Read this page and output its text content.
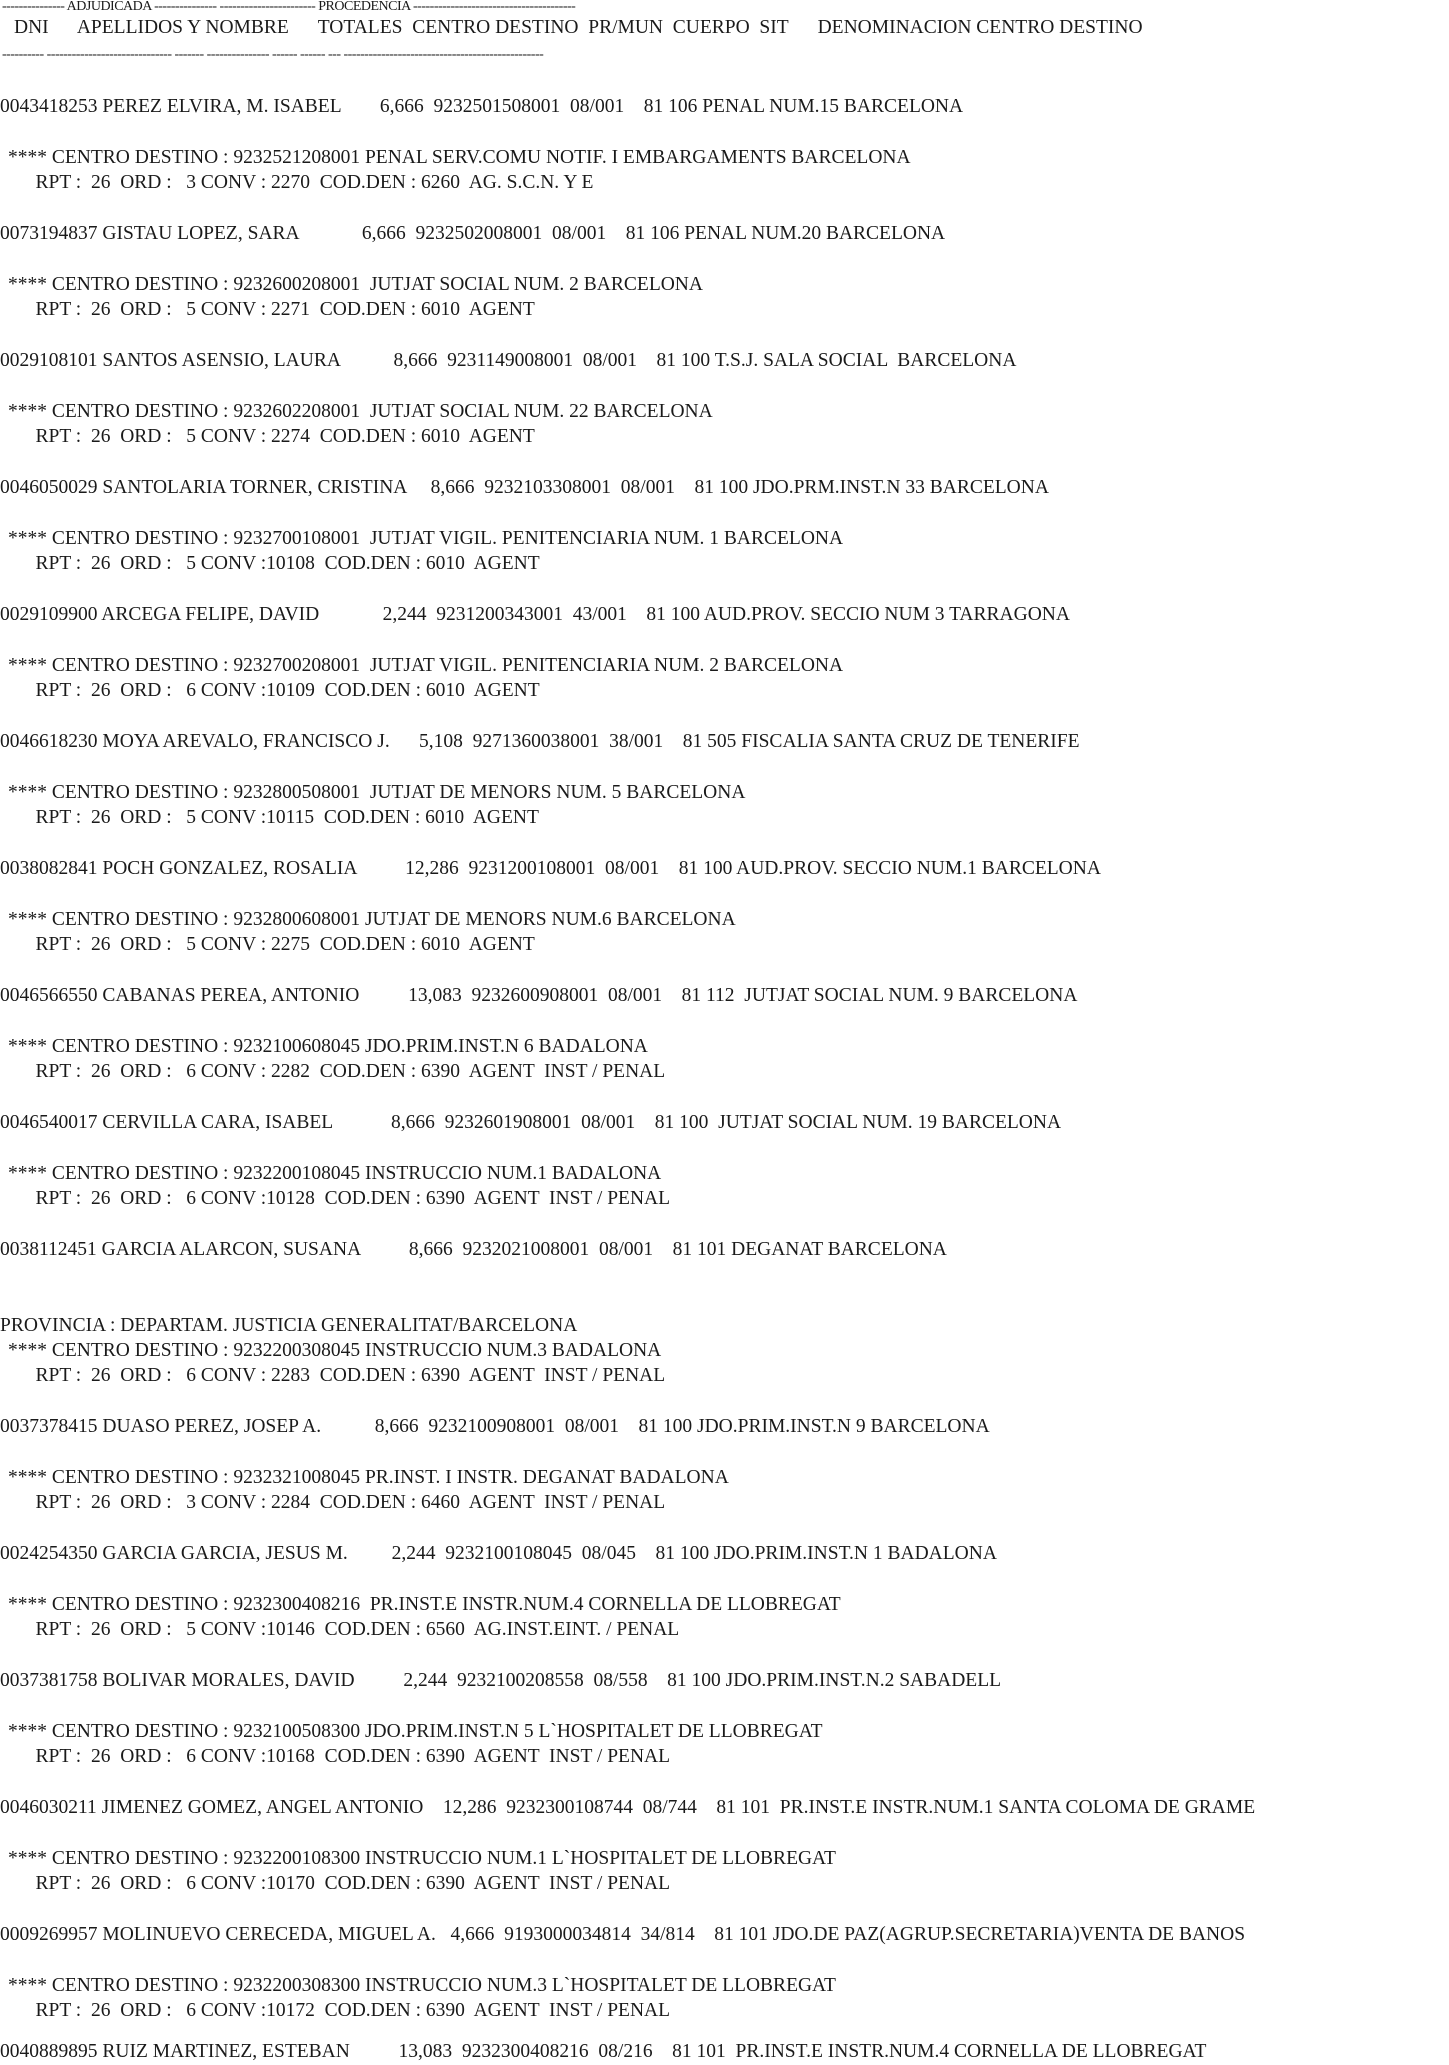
--------------- ADJUDICADA --------------- ----------------------- PROCEDENCIA ---------------------------------------
DNI      APELLIDOS Y NOMBRE      TOTALES  CENTRO DESTINO  PR/MUN  CUERPO  SIT      DENOMINACION CENTRO DESTINO
---------- ------------------------------ ------- --------------- ------ ------ --- ------------------------------------------------
0043418253 PEREZ ELVIRA, M. ISABEL        6,666  9232501508001  08/001    81 106 PENAL NUM.15 BARCELONA
**** CENTRO DESTINO : 9232521208001 PENAL SERV.COMU NOTIF. I EMBARGAMENTS BARCELONA
RPT :  26  ORD :   3 CONV : 2270  COD.DEN : 6260  AG. S.C.N. Y E
0073194837 GISTAU LOPEZ, SARA             6,666  9232502008001  08/001    81 106 PENAL NUM.20 BARCELONA
**** CENTRO DESTINO : 9232600208001  JUTJAT SOCIAL NUM. 2 BARCELONA
RPT :  26  ORD :   5 CONV : 2271  COD.DEN : 6010  AGENT
0029108101 SANTOS ASENSIO, LAURA           8,666  9231149008001  08/001    81 100 T.S.J. SALA SOCIAL  BARCELONA
**** CENTRO DESTINO : 9232602208001  JUTJAT SOCIAL NUM. 22 BARCELONA
RPT :  26  ORD :   5 CONV : 2274  COD.DEN : 6010  AGENT
0046050029 SANTOLARIA TORNER, CRISTINA     8,666  9232103308001  08/001    81 100 JDO.PRM.INST.N 33 BARCELONA
**** CENTRO DESTINO : 9232700108001  JUTJAT VIGIL. PENITENCIARIA NUM. 1 BARCELONA
RPT :  26  ORD :   5 CONV :10108  COD.DEN : 6010  AGENT
0029109900 ARCEGA FELIPE, DAVID             2,244  9231200343001  43/001    81 100 AUD.PROV. SECCIO NUM 3 TARRAGONA
**** CENTRO DESTINO : 9232700208001  JUTJAT VIGIL. PENITENCIARIA NUM. 2 BARCELONA
RPT :  26  ORD :   6 CONV :10109  COD.DEN : 6010  AGENT
0046618230 MOYA AREVALO, FRANCISCO J.      5,108  9271360038001  38/001    81 505 FISCALIA SANTA CRUZ DE TENERIFE
**** CENTRO DESTINO : 9232800508001  JUTJAT DE MENORS NUM. 5 BARCELONA
RPT :  26  ORD :   5 CONV :10115  COD.DEN : 6010  AGENT
0038082841 POCH GONZALEZ, ROSALIA          12,286  9231200108001  08/001    81 100 AUD.PROV. SECCIO NUM.1 BARCELONA
**** CENTRO DESTINO : 9232800608001 JUTJAT DE MENORS NUM.6 BARCELONA
RPT :  26  ORD :   5 CONV : 2275  COD.DEN : 6010  AGENT
0046566550 CABANAS PEREA, ANTONIO          13,083  9232600908001  08/001    81 112  JUTJAT SOCIAL NUM. 9 BARCELONA
**** CENTRO DESTINO : 9232100608045 JDO.PRIM.INST.N 6 BADALONA
RPT :  26  ORD :   6 CONV : 2282  COD.DEN : 6390  AGENT  INST / PENAL
0046540017 CERVILLA CARA, ISABEL            8,666  9232601908001  08/001    81 100  JUTJAT SOCIAL NUM. 19 BARCELONA
**** CENTRO DESTINO : 9232200108045 INSTRUCCIO NUM.1 BADALONA
RPT :  26  ORD :   6 CONV :10128  COD.DEN : 6390  AGENT  INST / PENAL
0038112451 GARCIA ALARCON, SUSANA          8,666  9232021008001  08/001    81 101 DEGANAT BARCELONA
PROVINCIA : DEPARTAM. JUSTICIA GENERALITAT/BARCELONA
**** CENTRO DESTINO : 9232200308045 INSTRUCCIO NUM.3 BADALONA
RPT :  26  ORD :   6 CONV : 2283  COD.DEN : 6390  AGENT  INST / PENAL
0037378415 DUASO PEREZ, JOSEP A.           8,666  9232100908001  08/001    81 100 JDO.PRIM.INST.N 9 BARCELONA
**** CENTRO DESTINO : 9232321008045 PR.INST. I INSTR. DEGANAT BADALONA
RPT :  26  ORD :   3 CONV : 2284  COD.DEN : 6460  AGENT  INST / PENAL
0024254350 GARCIA GARCIA, JESUS M.         2,244  9232100108045  08/045    81 100 JDO.PRIM.INST.N 1 BADALONA
**** CENTRO DESTINO : 9232300408216  PR.INST.E INSTR.NUM.4 CORNELLA DE LLOBREGAT
RPT :  26  ORD :   5 CONV :10146  COD.DEN : 6560  AG.INST.EINT. / PENAL
0037381758 BOLIVAR MORALES, DAVID          2,244  9232100208558  08/558    81 100 JDO.PRIM.INST.N.2 SABADELL
**** CENTRO DESTINO : 9232100508300 JDO.PRIM.INST.N 5 L`HOSPITALET DE LLOBREGAT
RPT :  26  ORD :   6 CONV :10168  COD.DEN : 6390  AGENT  INST / PENAL
0046030211 JIMENEZ GOMEZ, ANGEL ANTONIO    12,286  9232300108744  08/744    81 101  PR.INST.E INSTR.NUM.1 SANTA COLOMA DE GRAME
**** CENTRO DESTINO : 9232200108300 INSTRUCCIO NUM.1 L`HOSPITALET DE LLOBREGAT
RPT :  26  ORD :   6 CONV :10170  COD.DEN : 6390  AGENT  INST / PENAL
0009269957 MOLINUEVO CERECEDA, MIGUEL A.   4,666  9193000034814  34/814    81 101 JDO.DE PAZ(AGRUP.SECRETARIA)VENTA DE BANOS
**** CENTRO DESTINO : 9232200308300 INSTRUCCIO NUM.3 L`HOSPITALET DE LLOBREGAT
RPT :  26  ORD :   6 CONV :10172  COD.DEN : 6390  AGENT  INST / PENAL
0040889895 RUIZ MARTINEZ, ESTEBAN          13,083  9232300408216  08/216    81 101  PR.INST.E INSTR.NUM.4 CORNELLA DE LLOBREGAT
